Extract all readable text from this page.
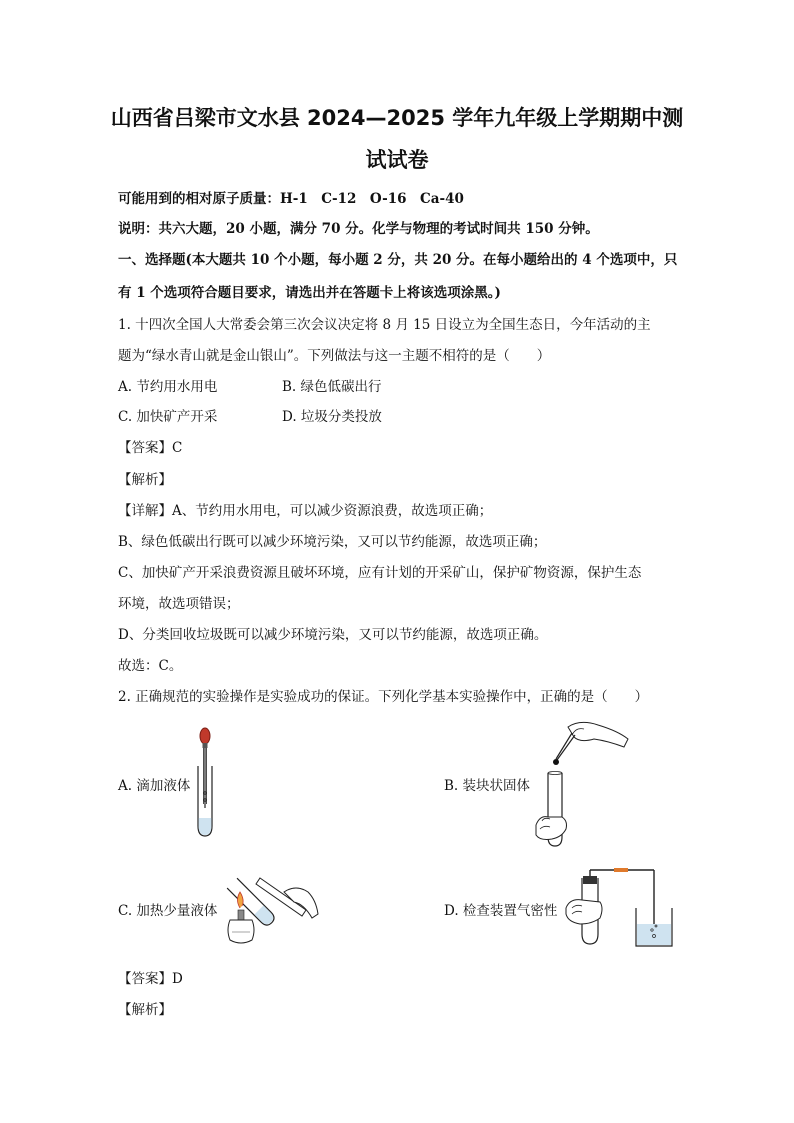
山西省吕梁市文水县 2024—2025 学年九年级上学期期中测
试试卷
可能用到的相对原子质量：H-1　C-12　O-16　Ca-40
说明：共六大题，20 小题，满分 70 分。化学与物理的考试时间共 150 分钟。
一、选择题(本大题共 10 个小题，每小题 2 分，共 20 分。在每小题给出的 4 个选项中，只
有 1 个选项符合题目要求，请选出并在答题卡上将该选项涂黑。)
1. 十四次全国人大常委会第三次会议决定将 8 月 15 日设立为全国生态日，今年活动的主
题为“绿水青山就是金山银山”。下列做法与这一主题不相符的是（　　）
A. 节约用水用电	B. 绿色低碳出行
C. 加快矿产开采	D. 垃圾分类投放
【答案】C
【解析】
【详解】A、节约用水用电，可以减少资源浪费，故选项正确；
B、绿色低碳出行既可以减少环境污染，又可以节约能源，故选项正确；
C、加快矿产开采浪费资源且破坏环境，应有计划的开采矿山，保护矿物资源，保护生态
环境，故选项错误；
D、分类回收垃圾既可以减少环境污染，又可以节约能源，故选项正确。
故选：C。
2. 正确规范的实验操作是实验成功的保证。下列化学基本实验操作中，正确的是（　　）
A. 滴加液体	B. 装块状固体
C. 加热少量液体	D. 检查装置气密性
【答案】D
【解析】
